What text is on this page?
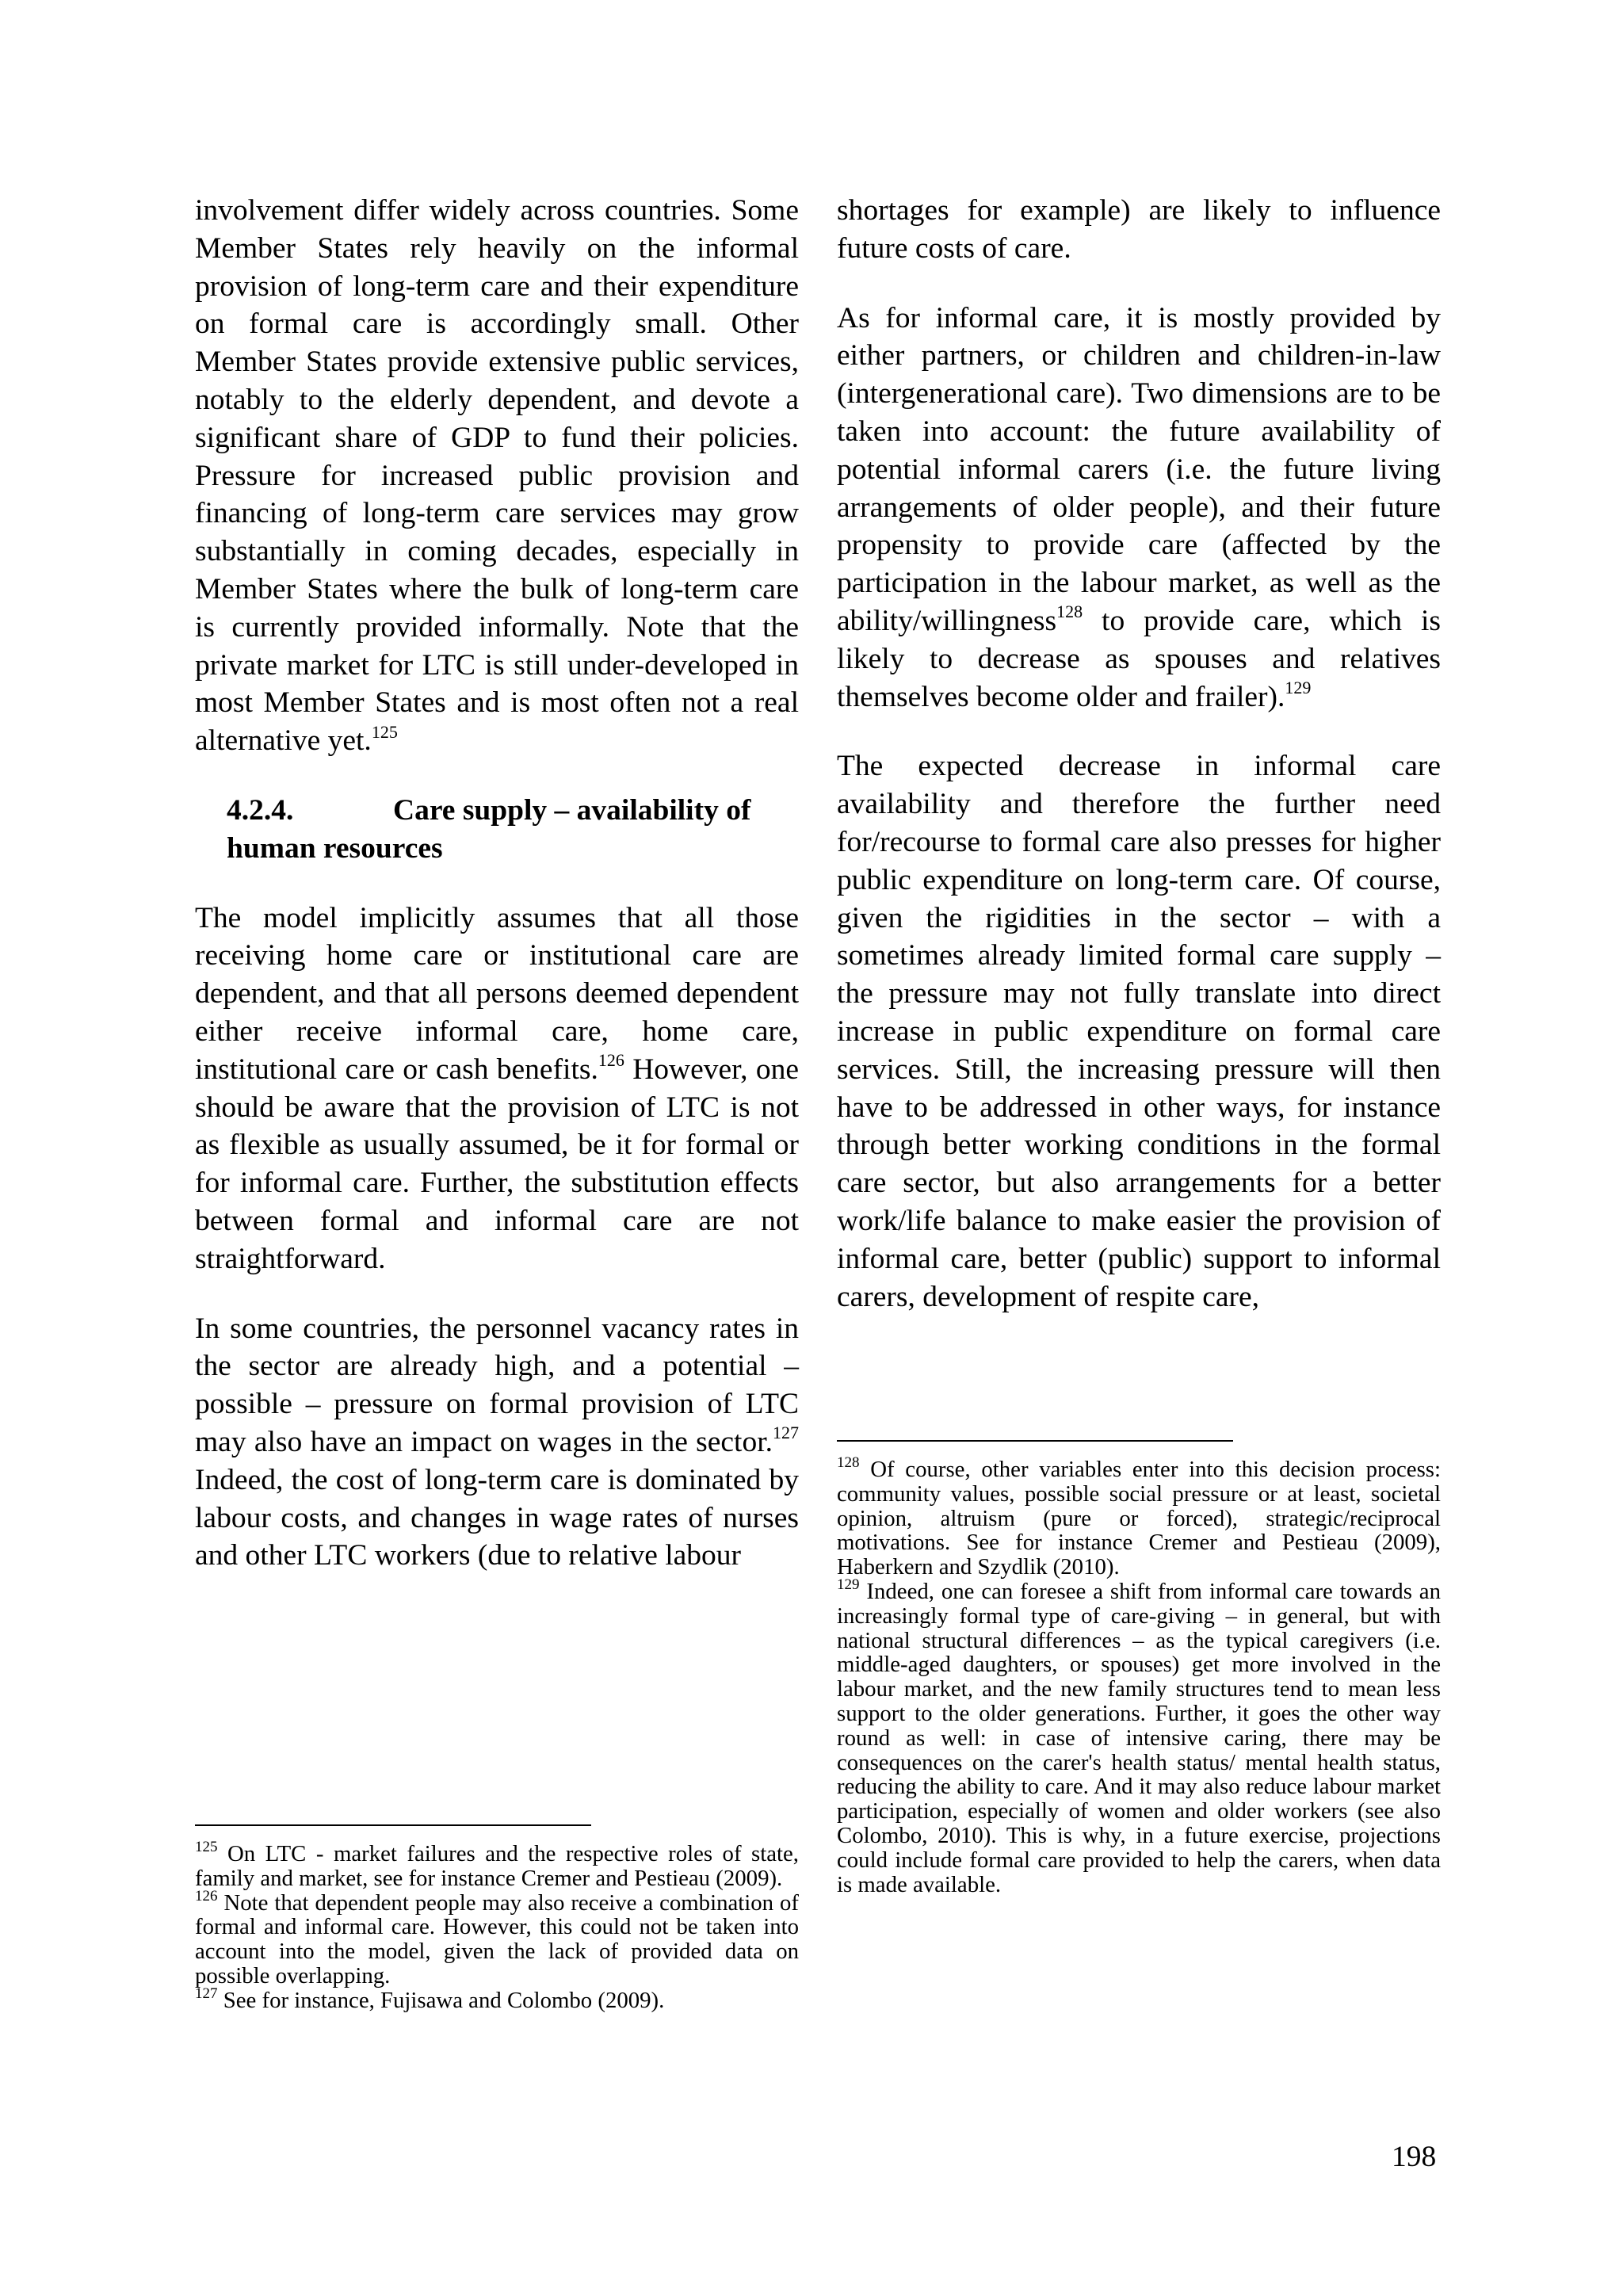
involvement differ widely across countries. Some Member States rely heavily on the informal provision of long-term care and their expenditure on formal care is accordingly small. Other Member States provide extensive public services, notably to the elderly dependent, and devote a significant share of GDP to fund their policies. Pressure for increased public provision and financing of long-term care services may grow substantially in coming decades, especially in Member States where the bulk of long-term care is currently provided informally. Note that the private market for LTC is still under-developed in most Member States and is most often not a real alternative yet.$^{125}$

4.2.4.	Care supply – availability of human resources

The model implicitly assumes that all those receiving home care or institutional care are dependent, and that all persons deemed dependent either receive informal care, home care, institutional care or cash benefits.$^{126}$ However, one should be aware that the provision of LTC is not as flexible as usually assumed, be it for formal or for informal care. Further, the substitution effects between formal and informal care are not straightforward.

In some countries, the personnel vacancy rates in the sector are already high, and a potential – possible – pressure on formal provision of LTC may also have an impact on wages in the sector.$^{127}$ Indeed, the cost of long-term care is dominated by labour costs, and changes in wage rates of nurses and other LTC workers (due to relative labour

$^{125}$ On LTC - market failures and the respective roles of state, family and market, see for instance Cremer and Pestieau (2009).

$^{126}$ Note that dependent people may also receive a combination of formal and informal care. However, this could not be taken into account into the model, given the lack of provided data on possible overlapping.

$^{127}$ See for instance, Fujisawa and Colombo (2009).

shortages for example) are likely to influence future costs of care.

As for informal care, it is mostly provided by either partners, or children and children-in-law (intergenerational care). Two dimensions are to be taken into account: the future availability of potential informal carers (i.e. the future living arrangements of older people), and their future propensity to provide care (affected by the participation in the labour market, as well as the ability/willingness$^{128}$ to provide care, which is likely to decrease as spouses and relatives themselves become older and frailer).$^{129}$

The expected decrease in informal care availability and therefore the further need for/recourse to formal care also presses for higher public expenditure on long-term care. Of course, given the rigidities in the sector – with a sometimes already limited formal care supply – the pressure may not fully translate into direct increase in public expenditure on formal care services. Still, the increasing pressure will then have to be addressed in other ways, for instance through better working conditions in the formal care sector, but also arrangements for a better work/life balance to make easier the provision of informal care, better (public) support to informal carers, development of respite care,

$^{128}$ Of course, other variables enter into this decision process: community values, possible social pressure or at least, societal opinion, altruism (pure or forced), strategic/reciprocal motivations. See for instance Cremer and Pestieau (2009), Haberkern and Szydlik (2010).

$^{129}$ Indeed, one can foresee a shift from informal care towards an increasingly formal type of care-giving – in general, but with national structural differences – as the typical caregivers (i.e. middle-aged daughters, or spouses) get more involved in the labour market, and the new family structures tend to mean less support to the older generations. Further, it goes the other way round as well: in case of intensive caring, there may be consequences on the carer's health status/ mental health status, reducing the ability to care. And it may also reduce labour market participation, especially of women and older workers (see also Colombo, 2010). This is why, in a future exercise, projections could include formal care provided to help the carers, when data is made available.

198
